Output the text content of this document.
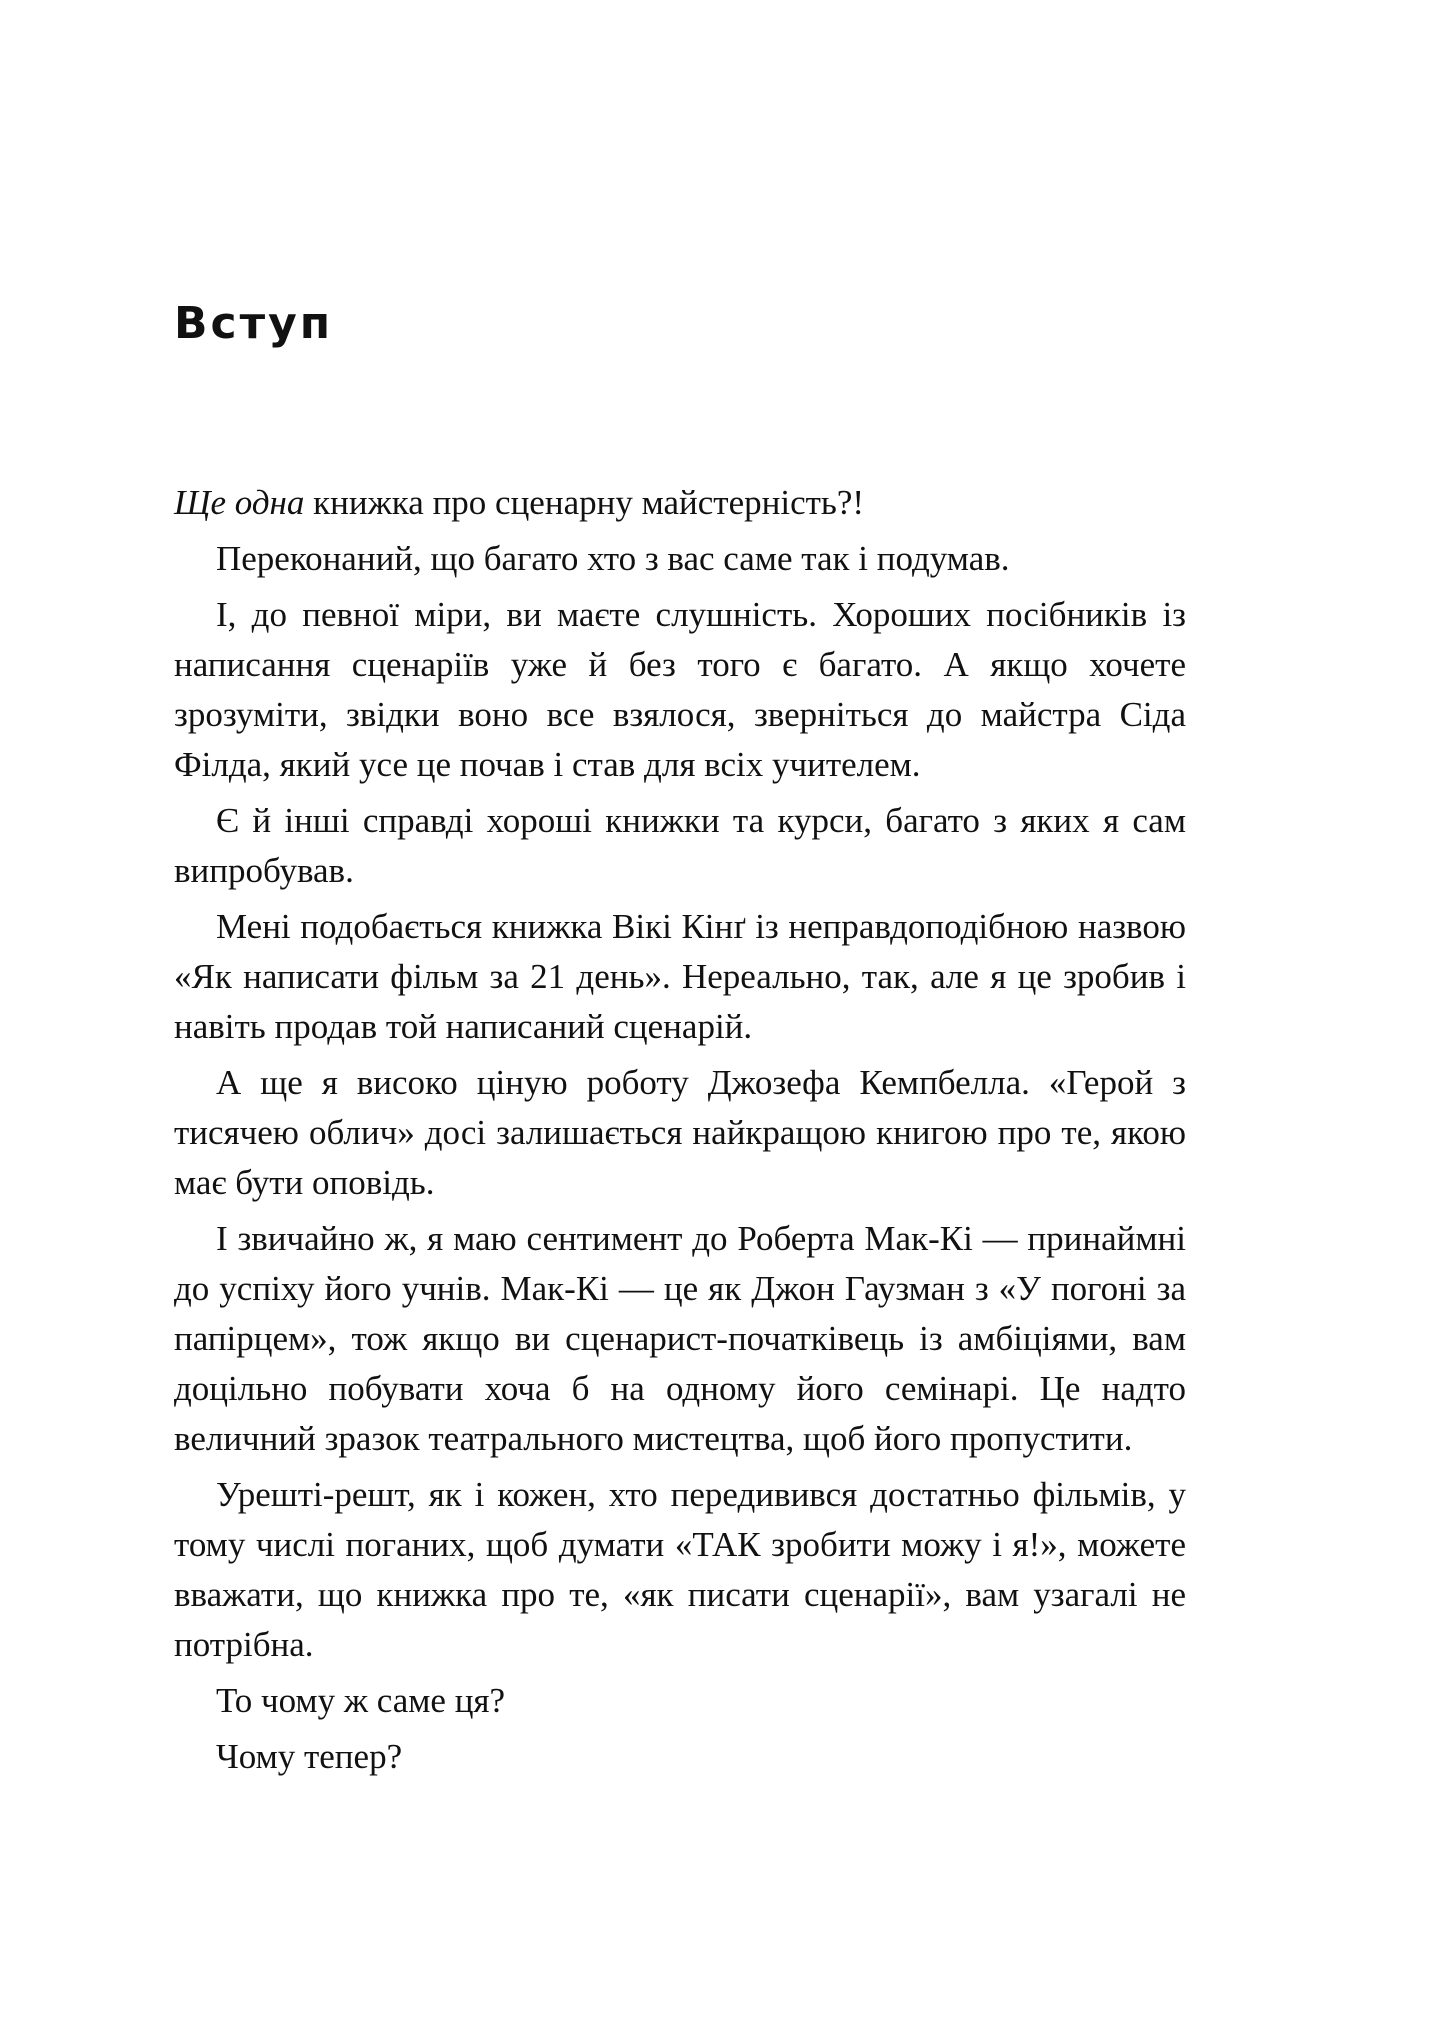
Вступ

Ще одна книжка про сценарну майстерність?!

Переконаний, що багато хто з вас саме так і подумав.

І, до певної міри, ви маєте слушність. Хороших посібників із написання сценаріїв уже й без того є багато. А якщо хочете зрозуміти, звідки воно все взялося, зверніться до майстра Сіда Філда, який усе це почав і став для всіх учителем.

Є й інші справді хороші книжки та курси, багато з яких я сам випробував.

Мені подобається книжка Вікі Кінґ із неправдоподібною назвою «Як написати фільм за 21 день». Нереально, так, але я це зробив і навіть продав той написаний сценарій.

А ще я високо ціную роботу Джозефа Кемпбелла. «Герой з тисячею облич» досі залишається найкращою книгою про те, якою має бути оповідь.

І звичайно ж, я маю сентимент до Роберта Мак-Кі — принаймні до успіху його учнів. Мак-Кі — це як Джон Гаузман з «У погоні за папірцем», тож якщо ви сценарист-початківець із амбіціями, вам доцільно побувати хоча б на одному його семінарі. Це надто величний зразок театрального мистецтва, щоб його пропустити.

Урешті-решт, як і кожен, хто передивився достатньо фільмів, у тому числі поганих, щоб думати «ТАК зробити можу і я!», можете вважати, що книжка про те, «як писати сценарії», вам узагалі не потрібна.

То чому ж саме ця?

Чому тепер?
